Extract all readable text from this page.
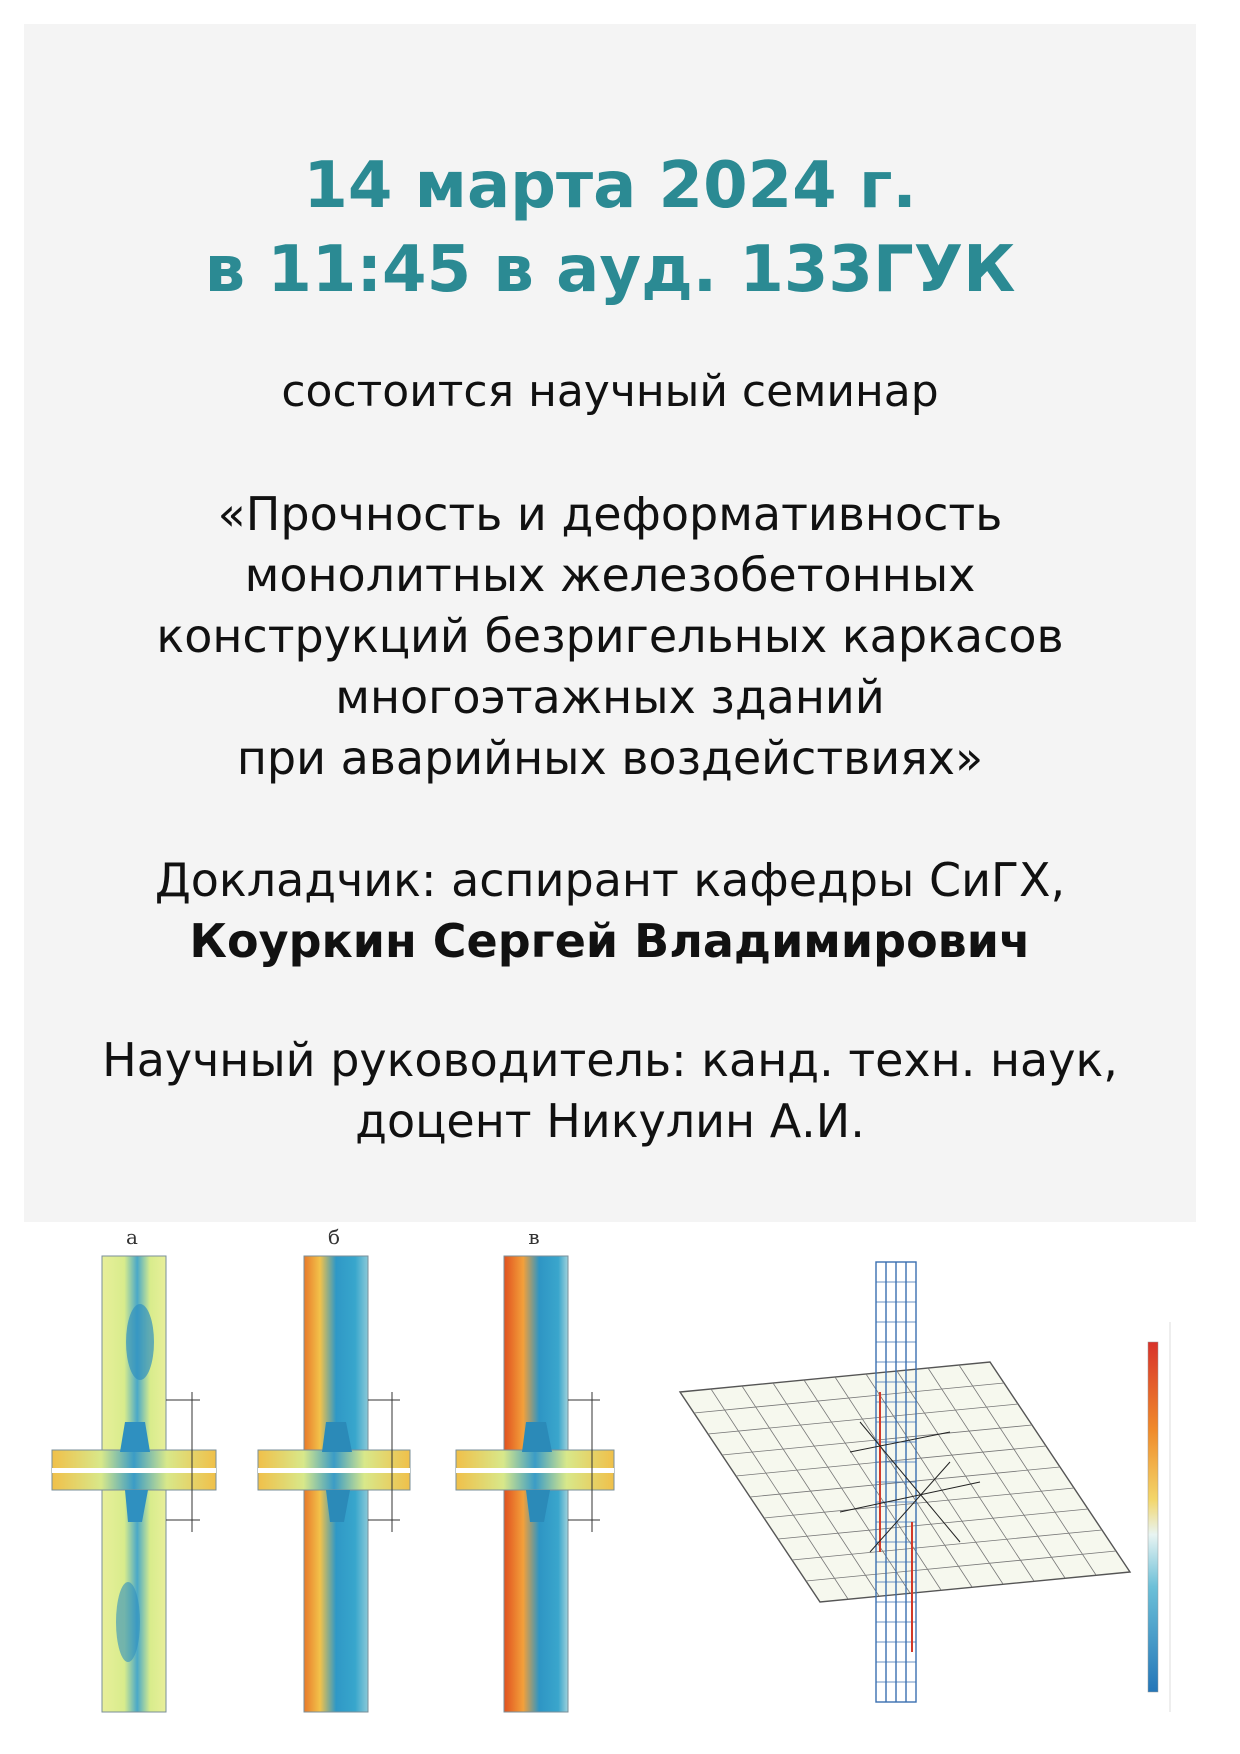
14 марта 2024 г.
в 11:45 в ауд. 133ГУК
состоится научный семинар
«Прочность и деформативность
монолитных железобетонных
конструкций безригельных каркасов
многоэтажных зданий
при аварийных воздействиях»
Докладчик: аспирант кафедры СиГХ,
Коуркин Сергей Владимирович
Научный руководитель: канд. техн. наук,
доцент Никулин А.И.
а	б	в
